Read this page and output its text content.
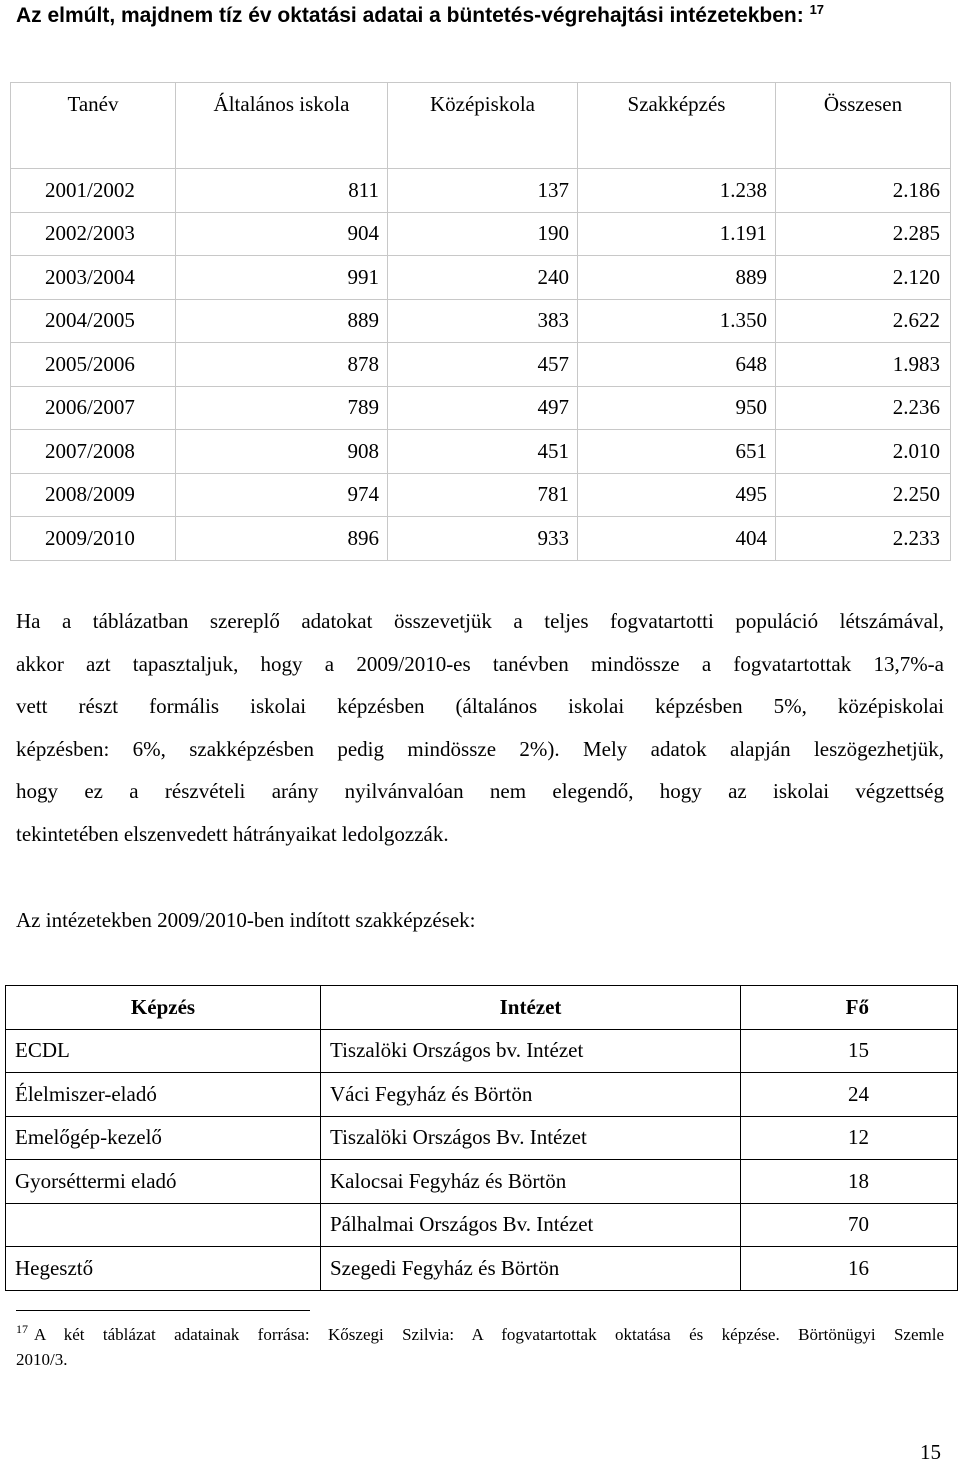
Az elmúlt, majdnem tíz év oktatási adatai a büntetés-végrehajtási intézetekben: $^{17}$
Tanév	Általános iskola	Középiskola	Szakképzés	Összesen
2001/2002	811	137	1.238	2.186
2002/2003	904	190	1.191	2.285
2003/2004	991	240	889	2.120
2004/2005	889	383	1.350	2.622
2005/2006	878	457	648	1.983
2006/2007	789	497	950	2.236
2007/2008	908	451	651	2.010
2008/2009	974	781	495	2.250
2009/2010	896	933	404	2.233
Ha a táblázatban szereplő adatokat összevetjük a teljes fogvatartotti populáció létszámával,
akkor azt tapasztaljuk, hogy a 2009/2010-es tanévben mindössze a fogvatartottak 13,7%-a
vett részt formális iskolai képzésben (általános iskolai képzésben 5%, középiskolai
képzésben: 6%, szakképzésben pedig mindössze 2%). Mely adatok alapján leszögezhetjük,
hogy ez a részvételi arány nyilvánvalóan nem elegendő, hogy az iskolai végzettség
tekintetében elszenvedett hátrányaikat ledolgozzák.
Az intézetekben 2009/2010-ben indított szakképzések:
Képzés	Intézet	Fő
ECDL	Tiszalöki Országos bv. Intézet	15
Élelmiszer-eladó	Váci Fegyház és Börtön	24
Emelőgép-kezelő	Tiszalöki Országos Bv. Intézet	12
Gyorséttermi eladó	Kalocsai Fegyház és Börtön	18
	Pálhalmai Országos Bv. Intézet	70
Hegesztő	Szegedi Fegyház és Börtön	16
$^{17}$ A két táblázat adatainak forrása: Kőszegi Szilvia: A fogvatartottak oktatása és képzése. Börtönügyi Szemle
2010/3.
15
